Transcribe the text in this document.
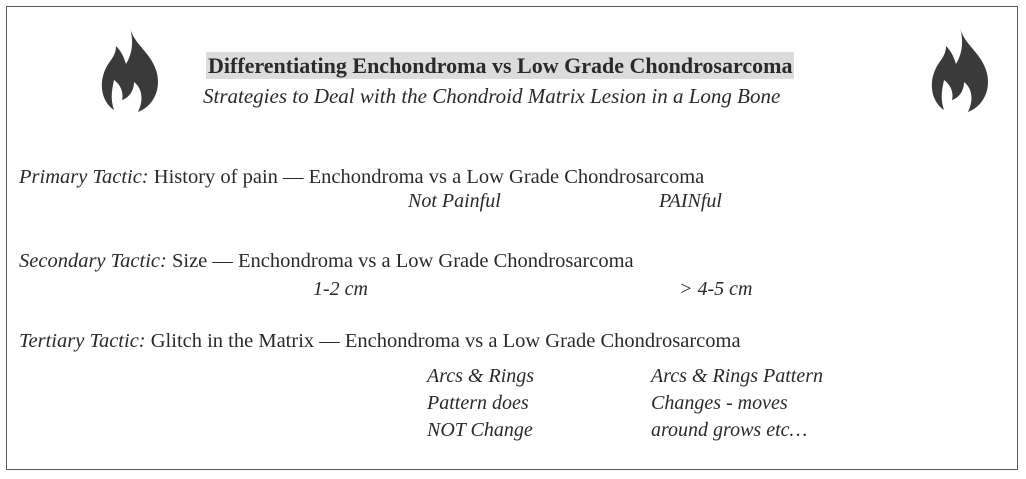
Differentiating Enchondroma vs Low Grade Chondrosarcoma
Strategies to Deal with the Chondroid Matrix Lesion in a Long Bone
Primary Tactic: History of pain — Enchondroma vs a Low Grade Chondrosarcoma
Not Painful	PAINful
Secondary Tactic: Size — Enchondroma vs a Low Grade Chondrosarcoma
1-2 cm	> 4-5 cm
Tertiary Tactic: Glitch in the Matrix — Enchondroma vs a Low Grade Chondrosarcoma
Arcs & Rings
Pattern does
NOT Change
Arcs & Rings Pattern
Changes - moves
around grows etc…
